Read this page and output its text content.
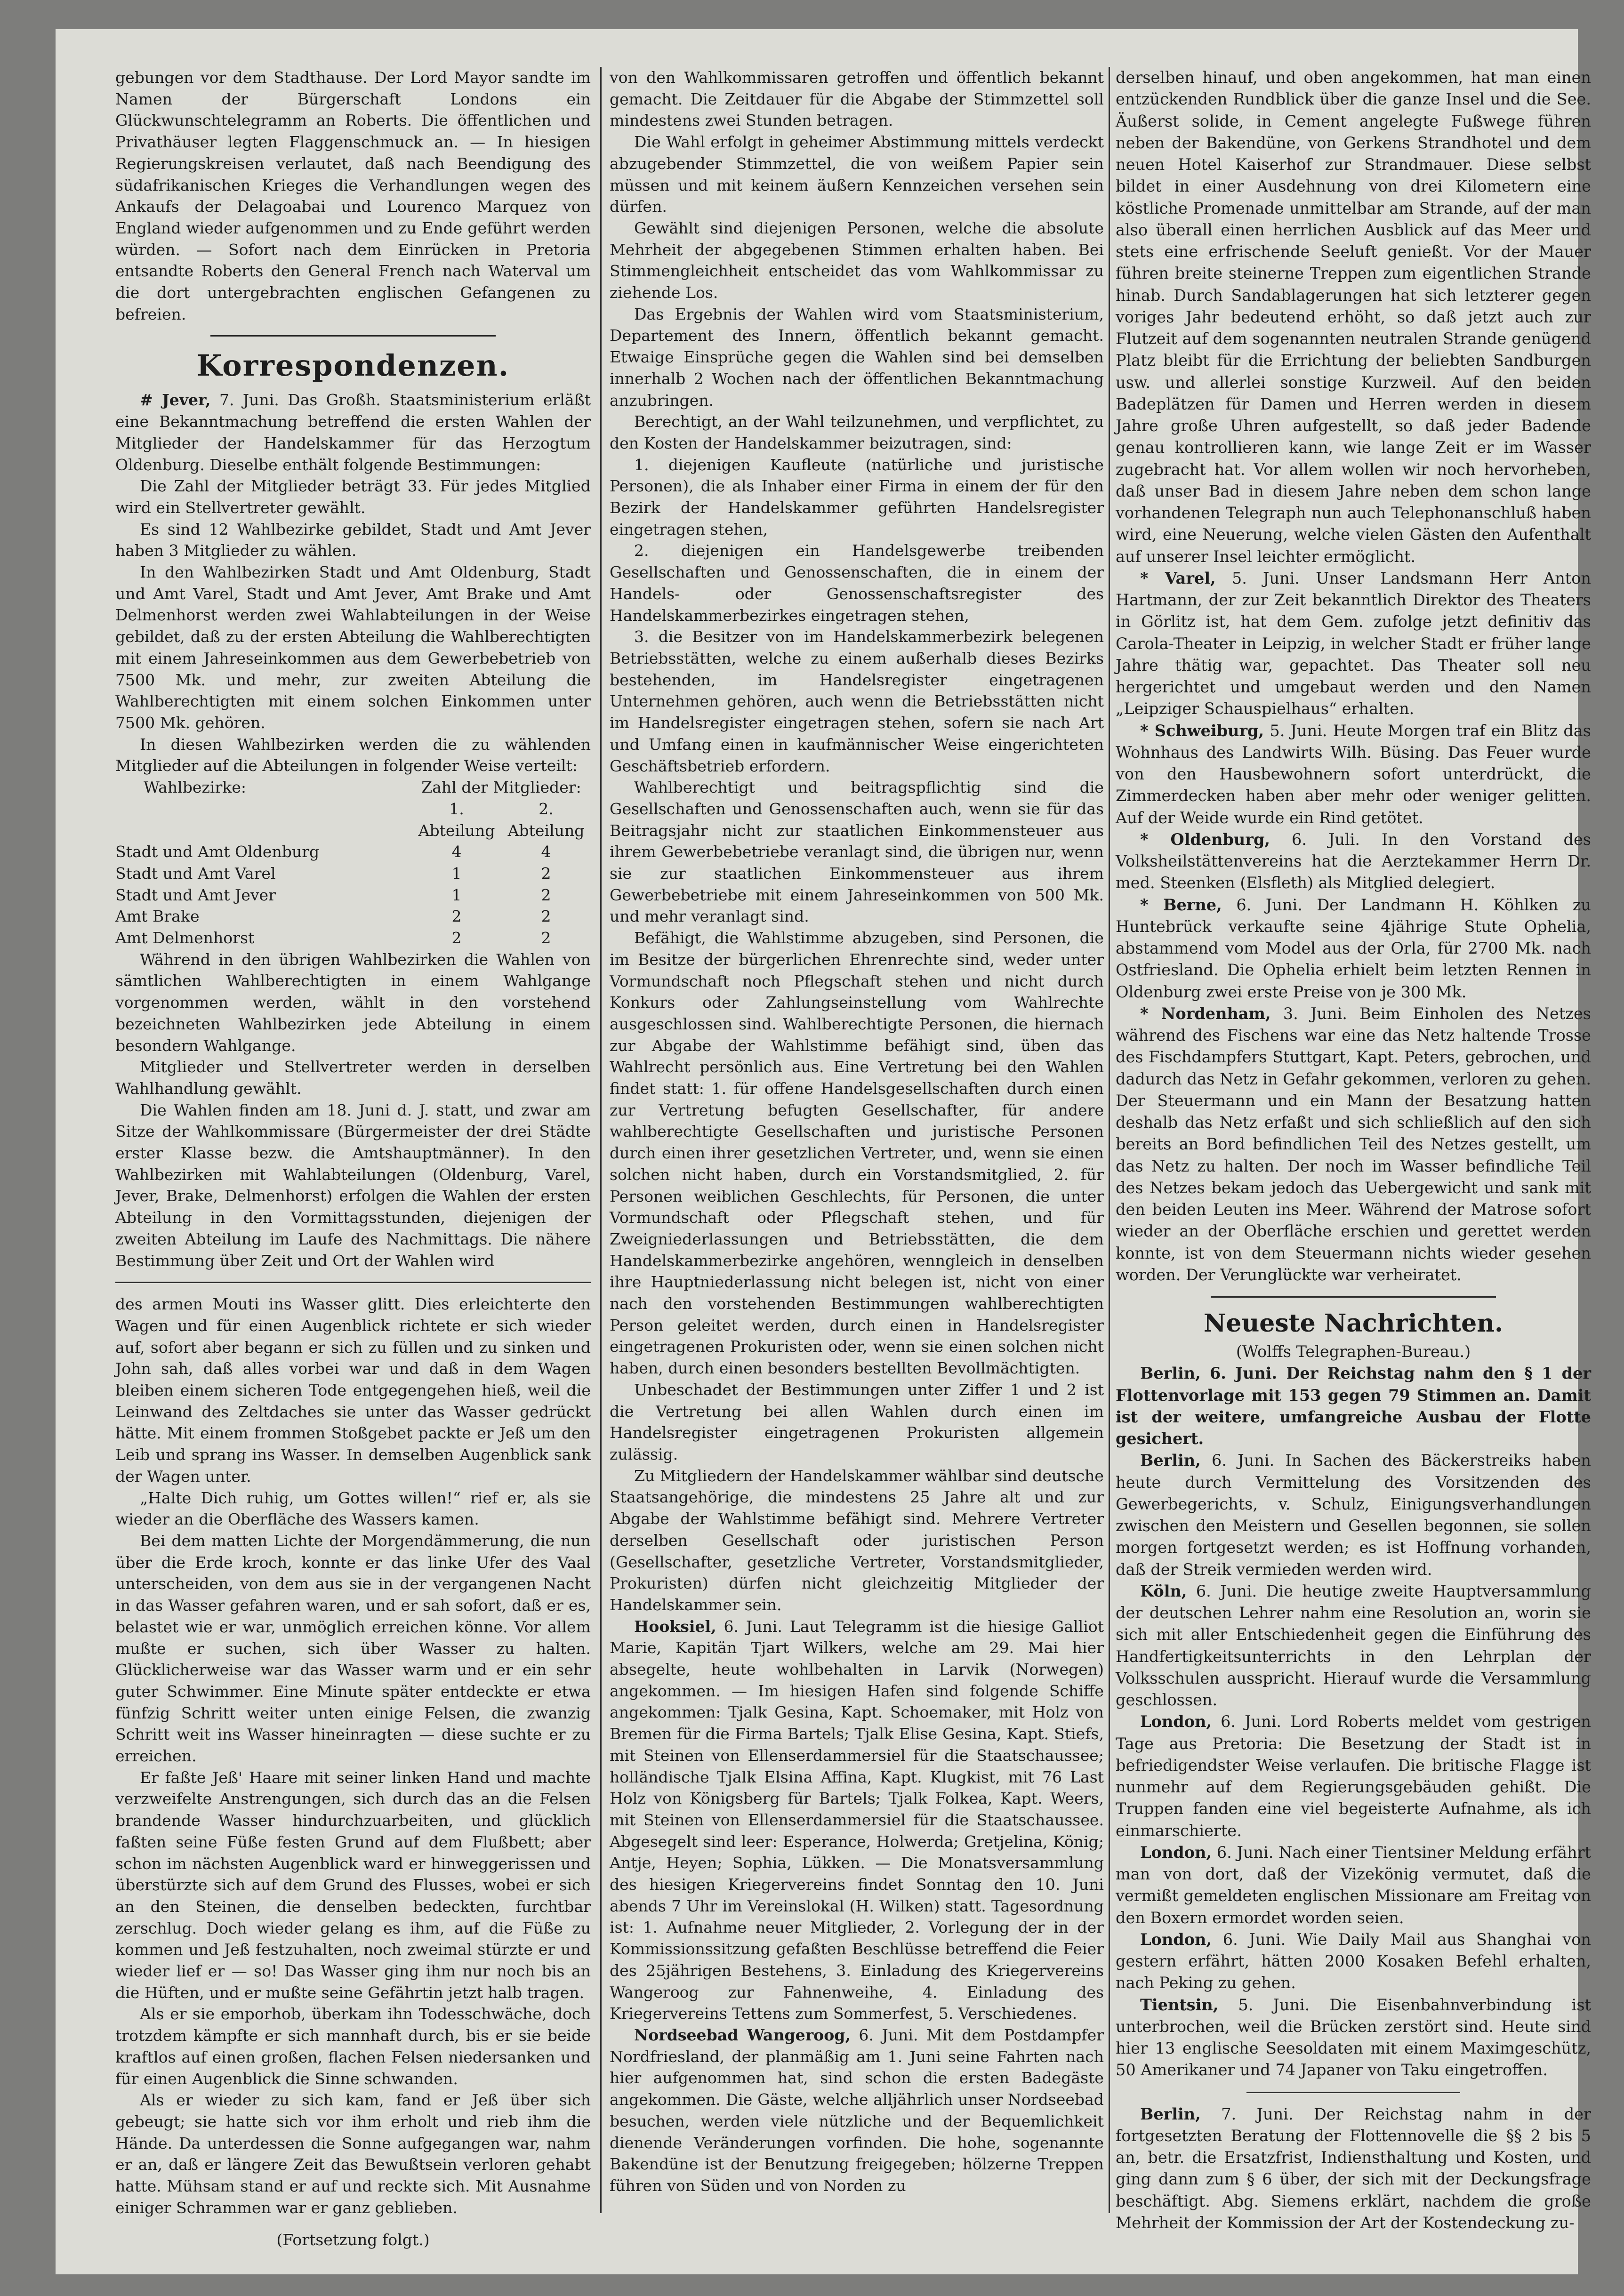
gebungen vor dem Stadthause. Der Lord Mayor sandte im Namen der Bürgerschaft Londons ein Glückwunschtelegramm an Roberts. Die öffentlichen und Privathäuser legten Flaggenschmuck an. — In hiesigen Regierungskreisen verlautet, daß nach Beendigung des südafrikanischen Krieges die Verhandlungen wegen des Ankaufs der Delagoabai und Lourenco Marquez von England wieder aufgenommen und zu Ende geführt werden würden. — Sofort nach dem Einrücken in Pretoria entsandte Roberts den General French nach Waterval um die dort untergebrachten englischen Gefangenen zu befreien.

Korrespondenzen.

# Jever, 7. Juni. Das Großh. Staatsministerium erläßt eine Bekanntmachung betreffend die ersten Wahlen der Mitglieder der Handelskammer für das Herzogtum Oldenburg. Dieselbe enthält folgende Bestimmungen:

Die Zahl der Mitglieder beträgt 33. Für jedes Mitglied wird ein Stellvertreter gewählt.

Es sind 12 Wahlbezirke gebildet, Stadt und Amt Jever haben 3 Mitglieder zu wählen.

In den Wahlbezirken Stadt und Amt Oldenburg, Stadt und Amt Varel, Stadt und Amt Jever, Amt Brake und Amt Delmenhorst werden zwei Wahlabteilungen in der Weise gebildet, daß zu der ersten Abteilung die Wahlberechtigten mit einem Jahreseinkommen aus dem Gewerbebetrieb von 7500 Mk. und mehr, zur zweiten Abteilung die Wahlberechtigten mit einem solchen Einkommen unter 7500 Mk. gehören.

In diesen Wahlbezirken werden die zu wählenden Mitglieder auf die Abteilungen in folgender Weise verteilt:

Wahlbezirke:	Zahl der Mitglieder:	
	1. Abteilung	2. Abteilung
Stadt und Amt Oldenburg	4	4
Stadt und Amt Varel	1	2
Stadt und Amt Jever	1	2
Amt Brake	2	2
Amt Delmenhorst	2	2

Während in den übrigen Wahlbezirken die Wahlen von sämtlichen Wahlberechtigten in einem Wahlgange vorgenommen werden, wählt in den vorstehend bezeichneten Wahlbezirken jede Abteilung in einem besondern Wahlgange.

Mitglieder und Stellvertreter werden in derselben Wahlhandlung gewählt.

Die Wahlen finden am 18. Juni d. J. statt, und zwar am Sitze der Wahlkommissare (Bürgermeister der drei Städte erster Klasse bezw. die Amtshauptmänner). In den Wahlbezirken mit Wahlabteilungen (Oldenburg, Varel, Jever, Brake, Delmenhorst) erfolgen die Wahlen der ersten Abteilung in den Vormittagsstunden, diejenigen der zweiten Abteilung im Laufe des Nachmittags. Die nähere Bestimmung über Zeit und Ort der Wahlen wird

des armen Mouti ins Wasser glitt. Dies erleichterte den Wagen und für einen Augenblick richtete er sich wieder auf, sofort aber begann er sich zu füllen und zu sinken und John sah, daß alles vorbei war und daß in dem Wagen bleiben einem sicheren Tode entgegengehen hieß, weil die Leinwand des Zeltdaches sie unter das Wasser gedrückt hätte. Mit einem frommen Stoßgebet packte er Jeß um den Leib und sprang ins Wasser. In demselben Augenblick sank der Wagen unter.

„Halte Dich ruhig, um Gottes willen!“ rief er, als sie wieder an die Oberfläche des Wassers kamen.

Bei dem matten Lichte der Morgendämmerung, die nun über die Erde kroch, konnte er das linke Ufer des Vaal unterscheiden, von dem aus sie in der vergangenen Nacht in das Wasser gefahren waren, und er sah sofort, daß er es, belastet wie er war, unmöglich erreichen könne. Vor allem mußte er suchen, sich über Wasser zu halten. Glücklicherweise war das Wasser warm und er ein sehr guter Schwimmer. Eine Minute später entdeckte er etwa fünfzig Schritt weiter unten einige Felsen, die zwanzig Schritt weit ins Wasser hineinragten — diese suchte er zu erreichen.

Er faßte Jeß' Haare mit seiner linken Hand und machte verzweifelte Anstrengungen, sich durch das an die Felsen brandende Wasser hindurchzuarbeiten, und glücklich faßten seine Füße festen Grund auf dem Flußbett; aber schon im nächsten Augenblick ward er hinweggerissen und überstürzte sich auf dem Grund des Flusses, wobei er sich an den Steinen, die denselben bedeckten, furchtbar zerschlug. Doch wieder gelang es ihm, auf die Füße zu kommen und Jeß festzuhalten, noch zweimal stürzte er und wieder lief er — so! Das Wasser ging ihm nur noch bis an die Hüften, und er mußte seine Gefährtin jetzt halb tragen.

Als er sie emporhob, überkam ihn Todesschwäche, doch trotzdem kämpfte er sich mannhaft durch, bis er sie beide kraftlos auf einen großen, flachen Felsen niedersanken und für einen Augenblick die Sinne schwanden.

Als er wieder zu sich kam, fand er Jeß über sich gebeugt; sie hatte sich vor ihm erholt und rieb ihm die Hände. Da unterdessen die Sonne aufgegangen war, nahm er an, daß er längere Zeit das Bewußtsein verloren gehabt hatte. Mühsam stand er auf und reckte sich. Mit Ausnahme einiger Schrammen war er ganz geblieben.

(Fortsetzung folgt.)

von den Wahlkommissaren getroffen und öffentlich bekannt gemacht. Die Zeitdauer für die Abgabe der Stimmzettel soll mindestens zwei Stunden betragen.

Die Wahl erfolgt in geheimer Abstimmung mittels verdeckt abzugebender Stimmzettel, die von weißem Papier sein müssen und mit keinem äußern Kennzeichen versehen sein dürfen.

Gewählt sind diejenigen Personen, welche die absolute Mehrheit der abgegebenen Stimmen erhalten haben. Bei Stimmengleichheit entscheidet das vom Wahlkommissar zu ziehende Los.

Das Ergebnis der Wahlen wird vom Staatsministerium, Departement des Innern, öffentlich bekannt gemacht. Etwaige Einsprüche gegen die Wahlen sind bei demselben innerhalb 2 Wochen nach der öffentlichen Bekanntmachung anzubringen.

Berechtigt, an der Wahl teilzunehmen, und verpflichtet, zu den Kosten der Handelskammer beizutragen, sind:

1. diejenigen Kaufleute (natürliche und juristische Personen), die als Inhaber einer Firma in einem der für den Bezirk der Handelskammer geführten Handelsregister eingetragen stehen,

2. diejenigen ein Handelsgewerbe treibenden Gesellschaften und Genossenschaften, die in einem der Handels- oder Genossenschaftsregister des Handelskammerbezirkes eingetragen stehen,

3. die Besitzer von im Handelskammerbezirk belegenen Betriebsstätten, welche zu einem außerhalb dieses Bezirks bestehenden, im Handelsregister eingetragenen Unternehmen gehören, auch wenn die Betriebsstätten nicht im Handelsregister eingetragen stehen, sofern sie nach Art und Umfang einen in kaufmännischer Weise eingerichteten Geschäftsbetrieb erfordern.

Wahlberechtigt und beitragspflichtig sind die Gesellschaften und Genossenschaften auch, wenn sie für das Beitragsjahr nicht zur staatlichen Einkommensteuer aus ihrem Gewerbebetriebe veranlagt sind, die übrigen nur, wenn sie zur staatlichen Einkommensteuer aus ihrem Gewerbebetriebe mit einem Jahreseinkommen von 500 Mk. und mehr veranlagt sind.

Befähigt, die Wahlstimme abzugeben, sind Personen, die im Besitze der bürgerlichen Ehrenrechte sind, weder unter Vormundschaft noch Pflegschaft stehen und nicht durch Konkurs oder Zahlungseinstellung vom Wahlrechte ausgeschlossen sind. Wahlberechtigte Personen, die hiernach zur Abgabe der Wahlstimme befähigt sind, üben das Wahlrecht persönlich aus. Eine Vertretung bei den Wahlen findet statt: 1. für offene Handelsgesellschaften durch einen zur Vertretung befugten Gesellschafter, für andere wahlberechtigte Gesellschaften und juristische Personen durch einen ihrer gesetzlichen Vertreter, und, wenn sie einen solchen nicht haben, durch ein Vorstandsmitglied, 2. für Personen weiblichen Geschlechts, für Personen, die unter Vormundschaft oder Pflegschaft stehen, und für Zweigniederlassungen und Betriebsstätten, die dem Handelskammerbezirke angehören, wenngleich in denselben ihre Hauptniederlassung nicht belegen ist, nicht von einer nach den vorstehenden Bestimmungen wahlberechtigten Person geleitet werden, durch einen in Handelsregister eingetragenen Prokuristen oder, wenn sie einen solchen nicht haben, durch einen besonders bestellten Bevollmächtigten.

Unbeschadet der Bestimmungen unter Ziffer 1 und 2 ist die Vertretung bei allen Wahlen durch einen im Handelsregister eingetragenen Prokuristen allgemein zulässig.

Zu Mitgliedern der Handelskammer wählbar sind deutsche Staatsangehörige, die mindestens 25 Jahre alt und zur Abgabe der Wahlstimme befähigt sind. Mehrere Vertreter derselben Gesellschaft oder juristischen Person (Gesellschafter, gesetzliche Vertreter, Vorstandsmitglieder, Prokuristen) dürfen nicht gleichzeitig Mitglieder der Handelskammer sein.

Hooksiel, 6. Juni. Laut Telegramm ist die hiesige Galliot Marie, Kapitän Tjart Wilkers, welche am 29. Mai hier absegelte, heute wohlbehalten in Larvik (Norwegen) angekommen. — Im hiesigen Hafen sind folgende Schiffe angekommen: Tjalk Gesina, Kapt. Schoemaker, mit Holz von Bremen für die Firma Bartels; Tjalk Elise Gesina, Kapt. Stiefs, mit Steinen von Ellenserdammersiel für die Staatschaussee; holländische Tjalk Elsina Affina, Kapt. Klugkist, mit 76 Last Holz von Königsberg für Bartels; Tjalk Folkea, Kapt. Weers, mit Steinen von Ellenserdammersiel für die Staatschaussee. Abgesegelt sind leer: Esperance, Holwerda; Gretjelina, König; Antje, Heyen; Sophia, Lükken. — Die Monatsversammlung des hiesigen Kriegervereins findet Sonntag den 10. Juni abends 7 Uhr im Vereinslokal (H. Wilken) statt. Tagesordnung ist: 1. Aufnahme neuer Mitglieder, 2. Vorlegung der in der Kommissionssitzung gefaßten Beschlüsse betreffend die Feier des 25jährigen Bestehens, 3. Einladung des Kriegervereins Wangeroog zur Fahnenweihe, 4. Einladung des Kriegervereins Tettens zum Sommerfest, 5. Verschiedenes.

Nordseebad Wangeroog, 6. Juni. Mit dem Postdampfer Nordfriesland, der planmäßig am 1. Juni seine Fahrten nach hier aufgenommen hat, sind schon die ersten Badegäste angekommen. Die Gäste, welche alljährlich unser Nordseebad besuchen, werden viele nützliche und der Bequemlichkeit dienende Veränderungen vorfinden. Die hohe, sogenannte Bakendüne ist der Benutzung freigegeben; hölzerne Treppen führen von Süden und von Norden zu

derselben hinauf, und oben angekommen, hat man einen entzückenden Rundblick über die ganze Insel und die See. Äußerst solide, in Cement angelegte Fußwege führen neben der Bakendüne, von Gerkens Strandhotel und dem neuen Hotel Kaiserhof zur Strandmauer. Diese selbst bildet in einer Ausdehnung von drei Kilometern eine köstliche Promenade unmittelbar am Strande, auf der man also überall einen herrlichen Ausblick auf das Meer und stets eine erfrischende Seeluft genießt. Vor der Mauer führen breite steinerne Treppen zum eigentlichen Strande hinab. Durch Sandablagerungen hat sich letzterer gegen voriges Jahr bedeutend erhöht, so daß jetzt auch zur Flutzeit auf dem sogenannten neutralen Strande genügend Platz bleibt für die Errichtung der beliebten Sandburgen usw. und allerlei sonstige Kurzweil. Auf den beiden Badeplätzen für Damen und Herren werden in diesem Jahre große Uhren aufgestellt, so daß jeder Badende genau kontrollieren kann, wie lange Zeit er im Wasser zugebracht hat. Vor allem wollen wir noch hervorheben, daß unser Bad in diesem Jahre neben dem schon lange vorhandenen Telegraph nun auch Telephonanschluß haben wird, eine Neuerung, welche vielen Gästen den Aufenthalt auf unserer Insel leichter ermöglicht.

* Varel, 5. Juni. Unser Landsmann Herr Anton Hartmann, der zur Zeit bekanntlich Direktor des Theaters in Görlitz ist, hat dem Gem. zufolge jetzt definitiv das Carola-Theater in Leipzig, in welcher Stadt er früher lange Jahre thätig war, gepachtet. Das Theater soll neu hergerichtet und umgebaut werden und den Namen „Leipziger Schauspielhaus“ erhalten.

* Schweiburg, 5. Juni. Heute Morgen traf ein Blitz das Wohnhaus des Landwirts Wilh. Büsing. Das Feuer wurde von den Hausbewohnern sofort unterdrückt, die Zimmerdecken haben aber mehr oder weniger gelitten. Auf der Weide wurde ein Rind getötet.

* Oldenburg, 6. Juli. In den Vorstand des Volksheilstättenvereins hat die Aerztekammer Herrn Dr. med. Steenken (Elsfleth) als Mitglied delegiert.

* Berne, 6. Juni. Der Landmann H. Köhlken zu Huntebrück verkaufte seine 4jährige Stute Ophelia, abstammend vom Model aus der Orla, für 2700 Mk. nach Ostfriesland. Die Ophelia erhielt beim letzten Rennen in Oldenburg zwei erste Preise von je 300 Mk.

* Nordenham, 3. Juni. Beim Einholen des Netzes während des Fischens war eine das Netz haltende Trosse des Fischdampfers Stuttgart, Kapt. Peters, gebrochen, und dadurch das Netz in Gefahr gekommen, verloren zu gehen. Der Steuermann und ein Mann der Besatzung hatten deshalb das Netz erfaßt und sich schließlich auf den sich bereits an Bord befindlichen Teil des Netzes gestellt, um das Netz zu halten. Der noch im Wasser befindliche Teil des Netzes bekam jedoch das Uebergewicht und sank mit den beiden Leuten ins Meer. Während der Matrose sofort wieder an der Oberfläche erschien und gerettet werden konnte, ist von dem Steuermann nichts wieder gesehen worden. Der Verunglückte war verheiratet.

Neueste Nachrichten.

(Wolffs Telegraphen-Bureau.)

Berlin, 6. Juni. Der Reichstag nahm den § 1 der Flottenvorlage mit 153 gegen 79 Stimmen an. Damit ist der weitere, umfangreiche Ausbau der Flotte gesichert.

Berlin, 6. Juni. In Sachen des Bäckerstreiks haben heute durch Vermittelung des Vorsitzenden des Gewerbegerichts, v. Schulz, Einigungsverhandlungen zwischen den Meistern und Gesellen begonnen, sie sollen morgen fortgesetzt werden; es ist Hoffnung vorhanden, daß der Streik vermieden werden wird.

Köln, 6. Juni. Die heutige zweite Hauptversammlung der deutschen Lehrer nahm eine Resolution an, worin sie sich mit aller Entschiedenheit gegen die Einführung des Handfertigkeitsunterrichts in den Lehrplan der Volksschulen ausspricht. Hierauf wurde die Versammlung geschlossen.

London, 6. Juni. Lord Roberts meldet vom gestrigen Tage aus Pretoria: Die Besetzung der Stadt ist in befriedigendster Weise verlaufen. Die britische Flagge ist nunmehr auf dem Regierungsgebäuden gehißt. Die Truppen fanden eine viel begeisterte Aufnahme, als ich einmarschierte.

London, 6. Juni. Nach einer Tientsiner Meldung erfährt man von dort, daß der Vizekönig vermutet, daß die vermißt gemeldeten englischen Missionare am Freitag von den Boxern ermordet worden seien.

London, 6. Juni. Wie Daily Mail aus Shanghai von gestern erfährt, hätten 2000 Kosaken Befehl erhalten, nach Peking zu gehen.

Tientsin, 5. Juni. Die Eisenbahnverbindung ist unterbrochen, weil die Brücken zerstört sind. Heute sind hier 13 englische Seesoldaten mit einem Maximgeschütz, 50 Amerikaner und 74 Japaner von Taku eingetroffen.

Berlin, 7. Juni. Der Reichstag nahm in der fortgesetzten Beratung der Flottennovelle die §§ 2 bis 5 an, betr. die Ersatzfrist, Indiensthaltung und Kosten, und ging dann zum § 6 über, der sich mit der Deckungsfrage beschäftigt. Abg. Siemens erklärt, nachdem die große Mehrheit der Kommission der Art der Kostendeckung zu-
